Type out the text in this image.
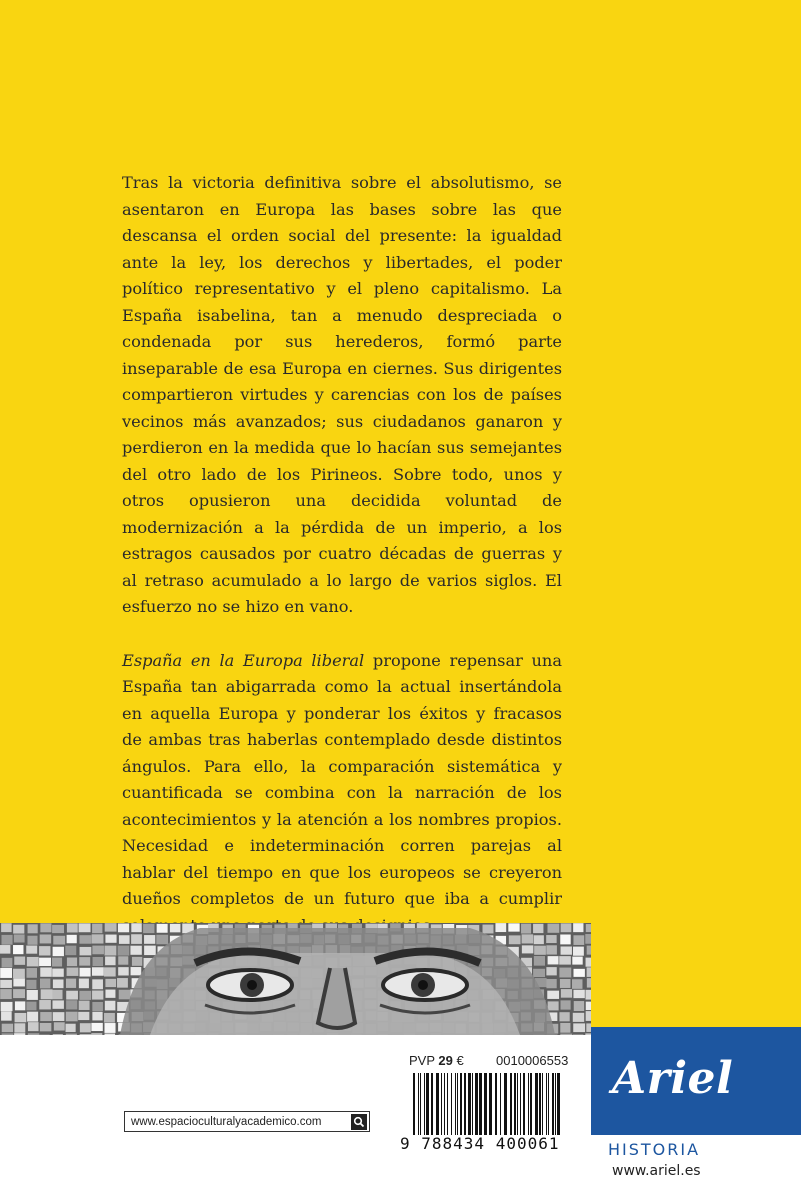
Tras la victoria definitiva sobre el absolutismo, se asentaron en Europa las bases sobre las que descansa el orden social del presente: la igualdad ante la ley, los derechos y libertades, el poder político representativo y el pleno capitalismo. La España isabelina, tan a menudo despreciada o condenada por sus herederos, formó parte inseparable de esa Europa en ciernes. Sus dirigentes compartieron virtudes y carencias con los de países vecinos más avanzados; sus ciudadanos ganaron y perdieron en la medida que lo hacían sus semejantes del otro lado de los Pirineos. Sobre todo, unos y otros opusieron una decidida voluntad de modernización a la pérdida de un imperio, a los estragos causados por cuatro décadas de guerras y al retraso acumulado a lo largo de varios siglos. El esfuerzo no se hizo en vano.

España en la Europa liberal propone repensar una España tan abigarrada como la actual insertándola en aquella Europa y ponderar los éxitos y fracasos de ambas tras haberlas contemplado desde distintos ángulos. Para ello, la comparación sistemática y cuantificada se combina con la narración de los acontecimientos y la atención a los nombres propios. Necesidad e indeterminación corren parejas al hablar del tiempo en que los europeos se creyeron dueños completos de un futuro que iba a cumplir

Ariel
HISTORIA
www.ariel.es
PVP 29 € 0010006553
9 788434 400061
www.espacioculturalyacademico.com
